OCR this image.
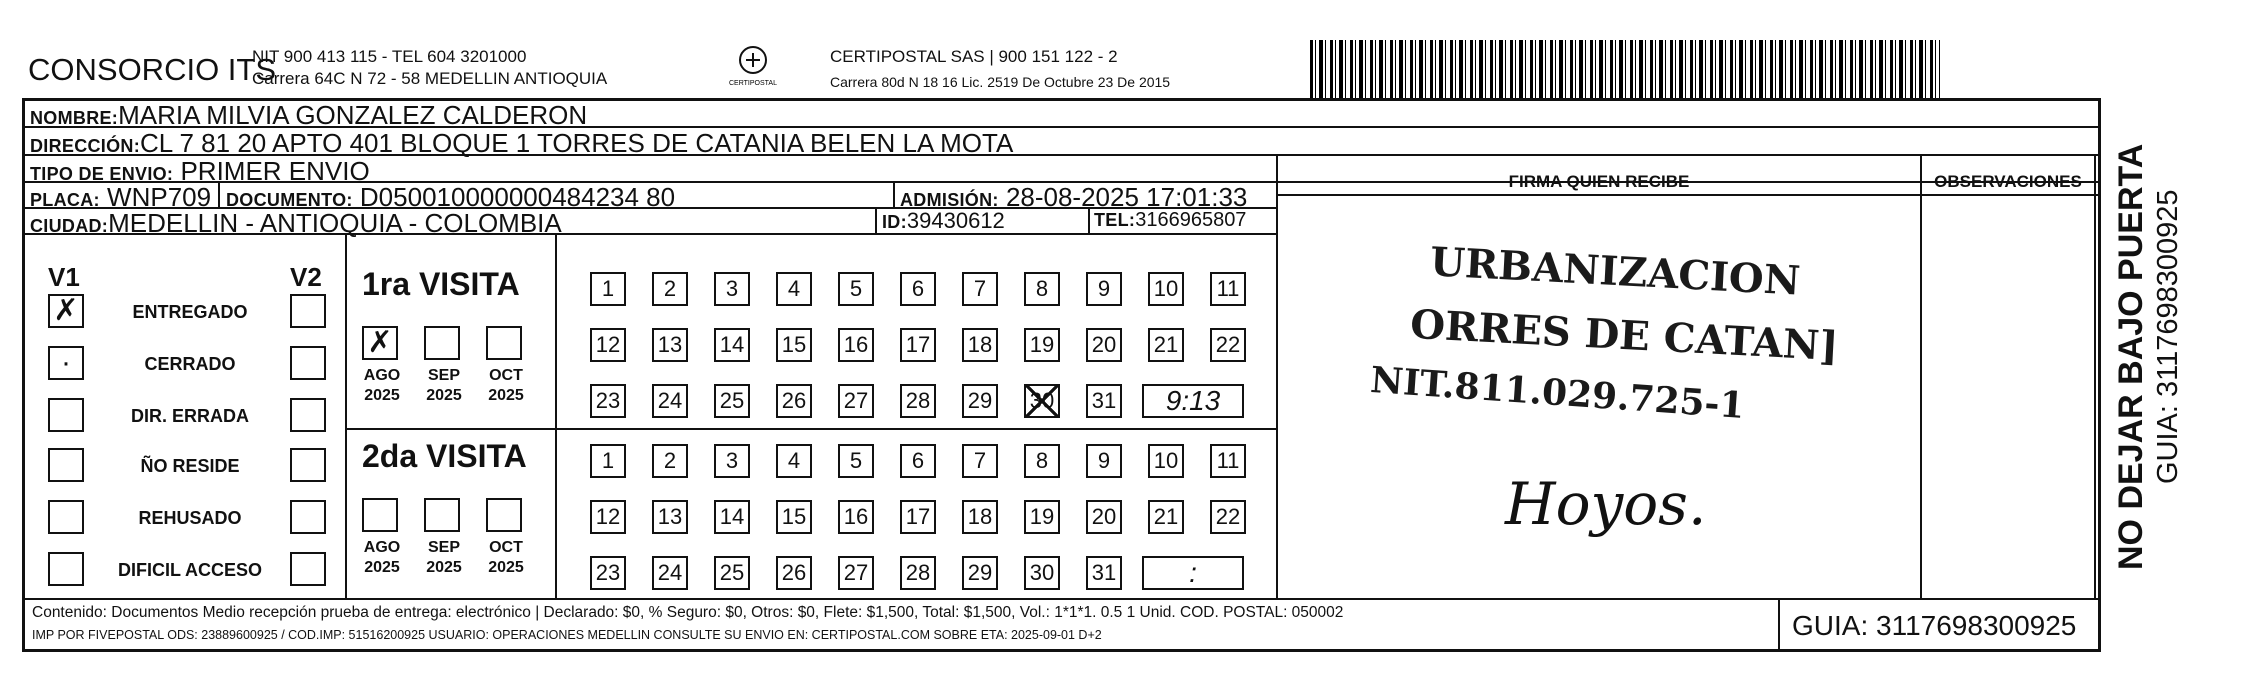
CONSORCIO ITS
NIT 900 413 115 - TEL 604 3201000
Carrera 64C N 72 - 58 MEDELLIN ANTIOQUIA	CERTIPOSTAL
CERTIPOSTAL SAS | 900 151 122 - 2
Carrera 80d N 18 16 Lic. 2519 De Octubre 23 De 2015
NOMBRE:MARIA MILVIA GONZALEZ CALDERON
DIRECCIÓN:CL 7 81 20 APTO 401 BLOQUE 1 TORRES DE CATANIA BELEN LA MOTA
TIPO DE ENVIO: PRIMER ENVIO
PLACA: WNP709 DOCUMENTO: D050010000000484234 80	ADMISIÓN: 28-08-2025 17:01:33
CIUDAD:MEDELLIN - ANTIOQUIA - COLOMBIA	ID:39430612	TEL:3166965807
FIRMA QUIEN RECIBE	OBSERVACIONES
V1	V2
✗	ENTREGADO
·	CERRADO
DIR. ERRADA
ÑO RESIDE
REHUSADO
DIFICIL ACCESO
1ra VISITA
✗
AGO
2025
SEP
2025
OCT
2025
1	2	3	4	5	6	7	8	9	10 11
12 13 14 15 16 17 18 19 20 21 22
23 24 25 26 27 28 29 30 31	9:13
2da VISITA
AGO
2025
SEP
2025
OCT
2025
1	2	3	4	5	6	7	8	9	10 11
12 13 14 15 16 17 18 19 20 21 22
23 24 25 26 27 28 29 30 31	:
URBANIZACION
ORRES DE CATAN]
NIT.811.029.725-1
Hoyos.
Contenido: Documentos Medio recepción prueba de entrega: electrónico | Declarado: $0, % Seguro: $0, Otros: $0, Flete: $1,500, Total: $1,500, Vol.: 1*1*1. 0.5 1 Unid. COD. POSTAL: 050002
IMP POR FIVEPOSTAL ODS: 23889600925 / COD.IMP: 51516200925 USUARIO: OPERACIONES MEDELLIN CONSULTE SU ENVIO EN: CERTIPOSTAL.COM SOBRE ETA: 2025-09-01 D+2	GUIA: 3117698300925
NO DEJAR BAJO PUERTA GUIA: 3117698300925
